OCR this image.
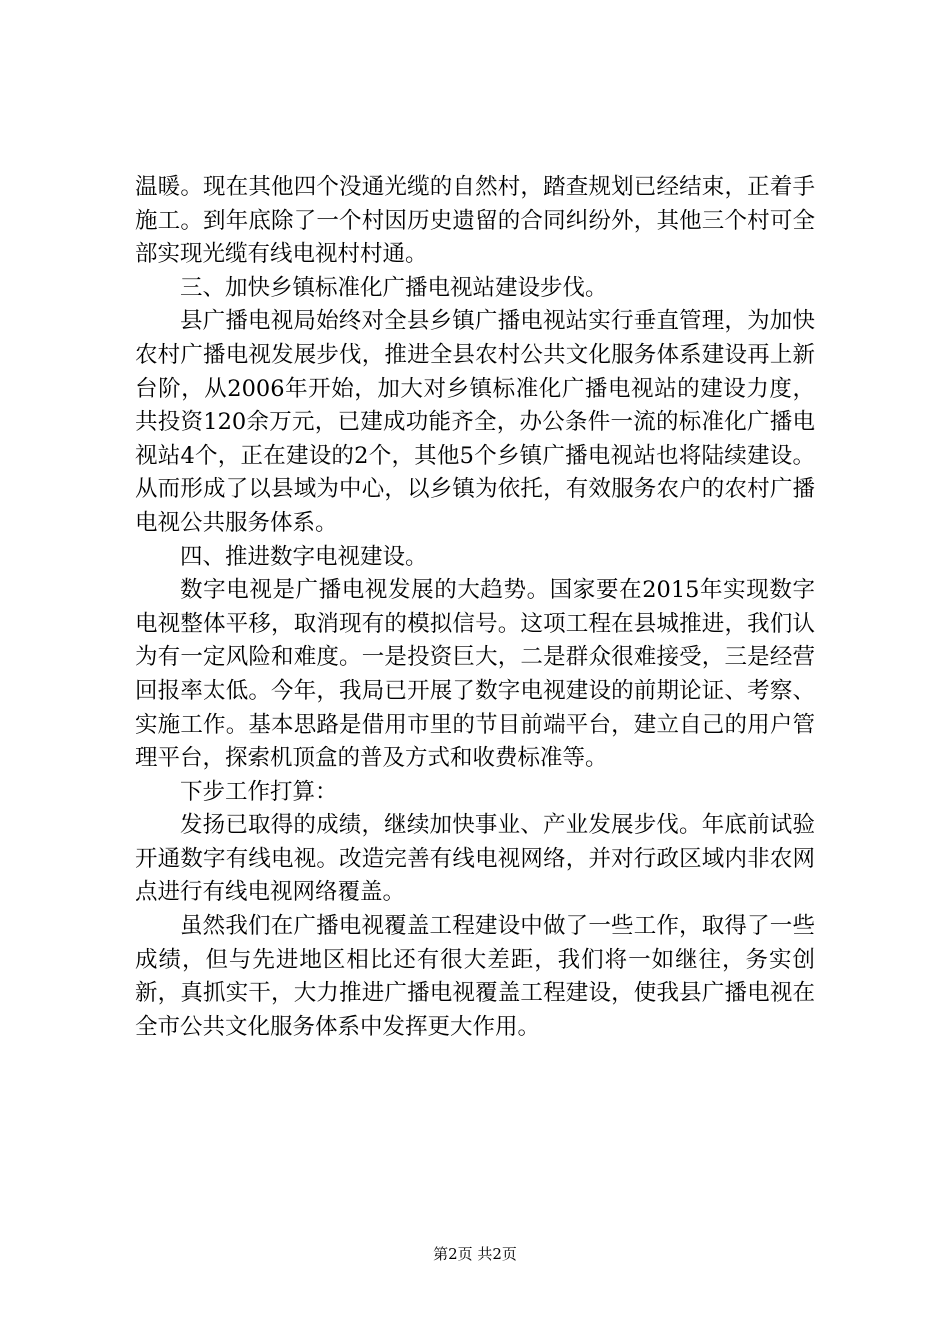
温暖。现在其他四个没通光缆的自然村，踏查规划已经结束，正着手施工。到年底除了一个村因历史遗留的合同纠纷外，其他三个村可全部实现光缆有线电视村村通。

三、加快乡镇标准化广播电视站建设步伐。

县广播电视局始终对全县乡镇广播电视站实行垂直管理，为加快农村广播电视发展步伐，推进全县农村公共文化服务体系建设再上新台阶，从2006年开始，加大对乡镇标准化广播电视站的建设力度，共投资120余万元，已建成功能齐全，办公条件一流的标准化广播电视站4个，正在建设的2个，其他5个乡镇广播电视站也将陆续建设。从而形成了以县域为中心，以乡镇为依托，有效服务农户的农村广播电视公共服务体系。

四、推进数字电视建设。

数字电视是广播电视发展的大趋势。国家要在2015年实现数字电视整体平移，取消现有的模拟信号。这项工程在县城推进，我们认为有一定风险和难度。一是投资巨大，二是群众很难接受，三是经营回报率太低。今年，我局已开展了数字电视建设的前期论证、考察、实施工作。基本思路是借用市里的节目前端平台，建立自己的用户管理平台，探索机顶盒的普及方式和收费标准等。

下步工作打算：

发扬已取得的成绩，继续加快事业、产业发展步伐。年底前试验开通数字有线电视。改造完善有线电视网络，并对行政区域内非农网点进行有线电视网络覆盖。

虽然我们在广播电视覆盖工程建设中做了一些工作，取得了一些成绩，但与先进地区相比还有很大差距，我们将一如继往，务实创新，真抓实干，大力推进广播电视覆盖工程建设，使我县广播电视在全市公共文化服务体系中发挥更大作用。

第2页 共2页
